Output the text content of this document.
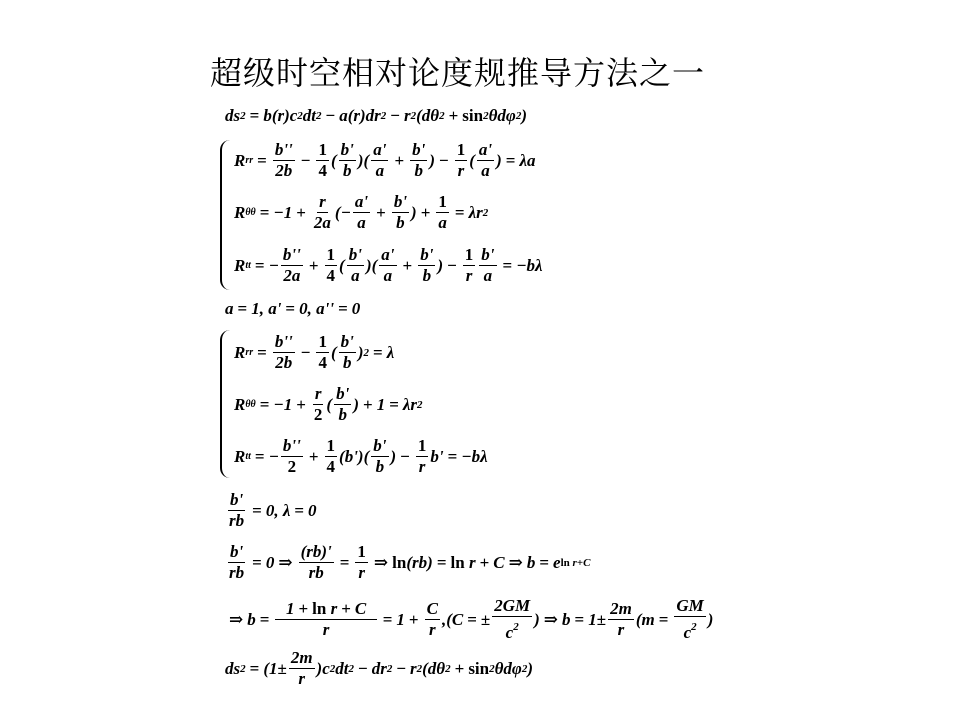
超级时空相对论度规推导方法之一
ds 2 = b(r)c 2 dt 2 − a(r)dr 2 − r 2 (dθ 2 + sin 2 θdφ 2 )
R rr = $\frac{b''}{2b} - \frac{1}{4}$ ( $\frac{b'}{b}$ )( $\frac{a'}{a} + \frac{b'}{b}$ ) − $\frac{1}{r}$ ( $\frac{a'}{a}$ ) = λa
R $\theta\theta = -1 + \frac{r}{2a}$ (− $\frac{a'}{a} + \frac{b'}{b}$ ) + $\frac{1}{a} = \lambda r$ 2
R tt = − $\frac{b''}{2a} + \frac{1}{4}$ ( $\frac{b'}{a}$ )( $\frac{a'}{a} + \frac{b'}{b}$ ) − $\frac{1}{r} \frac{b'}{a} = -b\lambda$
a = 1, a' = 0, a'' = 0
R rr = $\frac{b''}{2b} - \frac{1}{4}$ ( $\frac{b'}{b}$ ) 2 = λ
R $\theta\theta = -1 + \frac{r}{2}$ ( $\frac{b'}{b}$ ) + 1 = λr 2
R tt = − $\frac{b''}{2} + \frac{1}{4} (b')( \frac{b'}{b}$ ) − $\frac{1}{r} b' = -b\lambda$
$\frac{b'}{rb} = 0$, λ = 0
$\frac{b'}{rb} = 0$ ⇒ $\frac{(rb)'}{rb} = \frac{1}{r}$ ⇒ ln (rb) = ln r + C ⇒ b = e ln r+C
⇒ $b = \frac{\text{1 + ln r + C}}{r} = 1 + \frac{C}{r} ,(C$ = ± $\frac{2GM}{c^2}$ ) ⇒ $b = 1\pm \frac{2m}{r} (m = \frac{GM}{c^2}$ )
ds $2 = (1\pm \frac{2m}{r} )c$ 2 dt 2 − dr 2 − r 2 (dθ 2 + sin 2 θdφ 2 )
